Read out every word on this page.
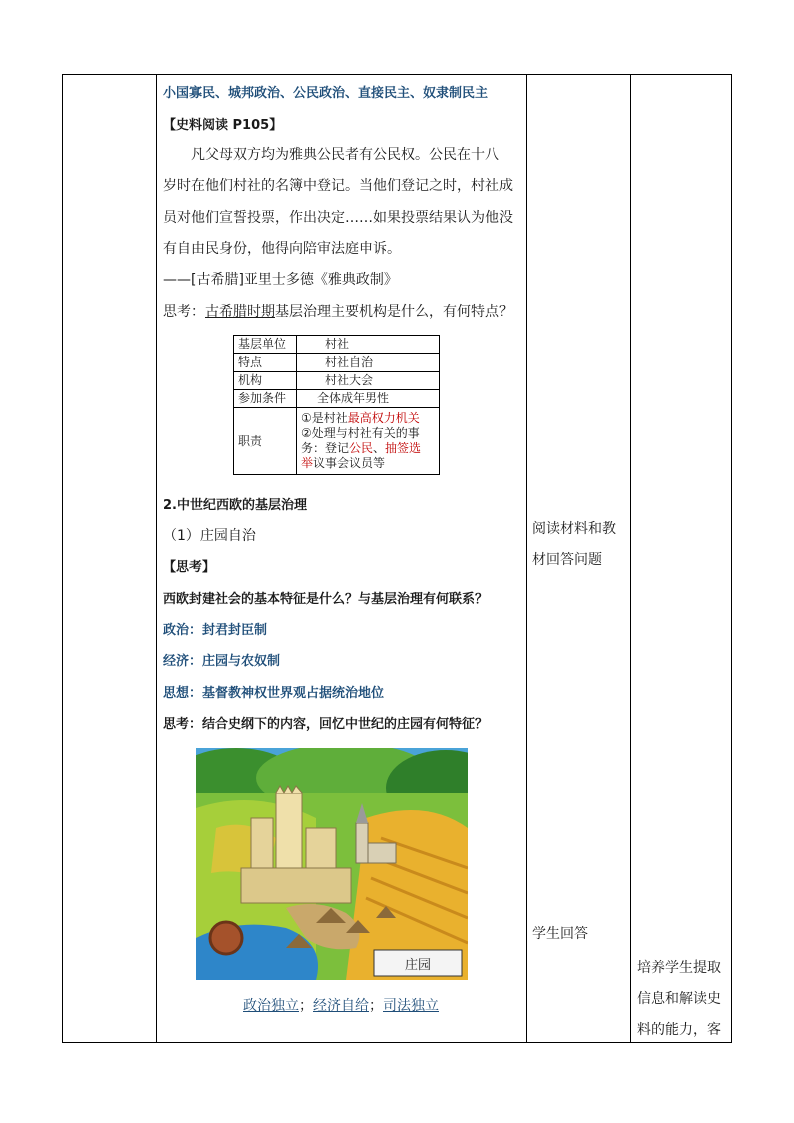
小国寡民、城邦政治、公民政治、直接民主、奴隶制民主
【史料阅读 P105】
凡父母双方均为雅典公民者有公民权。公民在十八
岁时在他们村社的名簿中登记。当他们登记之时，村社成
员对他们宣誓投票，作出决定……如果投票结果认为他没
有自由民身份，他得向陪审法庭申诉。
——[古希腊]亚里士多德《雅典政制》
思考：古希腊时期基层治理主要机构是什么，有何特点？
基层单位	村社
特点	村社自治
机构	村社大会
参加条件	全体成年男性
职责	①是村社最高权力机关
②处理与村社有关的事
务：登记公民、抽签选
举议事会议员等
2.中世纪西欧的基层治理
（1）庄园自治
【思考】
西欧封建社会的基本特征是什么？与基层治理有何联系？
政治：封君封臣制
经济：庄园与农奴制
思想：基督教神权世界观占据统治地位
思考：结合史纲下的内容，回忆中世纪的庄园有何特征？
庄园
政治独立；经济自给；司法独立
阅读材料和教
材回答问题
学生回答
培养学生提取
信息和解读史
料的能力，客
